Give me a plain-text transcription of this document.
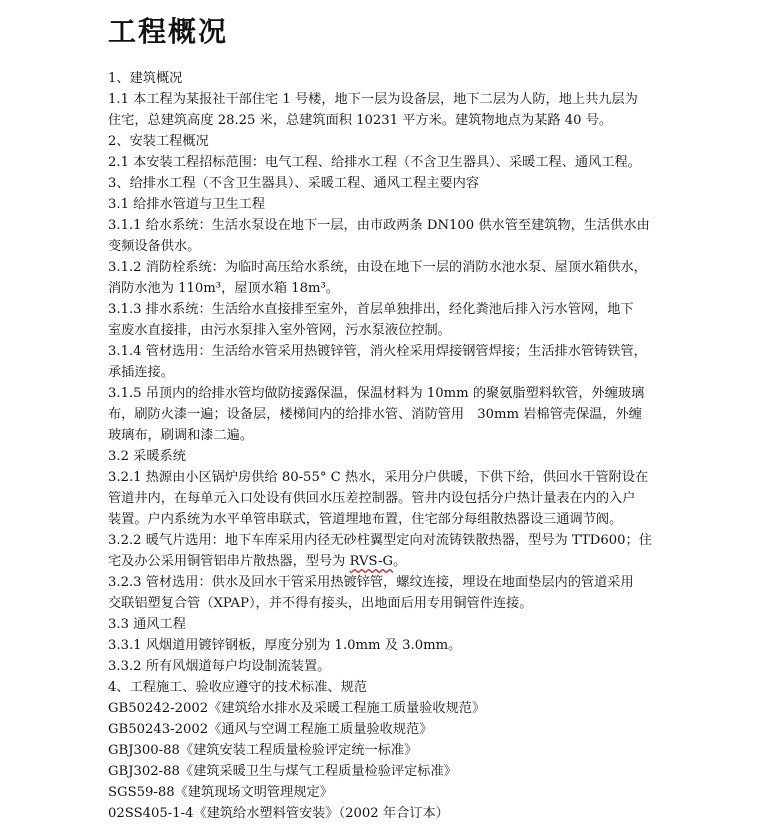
工程概况
1、建筑概况
1.1 本工程为某报社干部住宅 1 号楼，地下一层为设备层，地下二层为人防，地上共九层为
住宅，总建筑高度 28.25 米，总建筑面积 10231 平方米。建筑物地点为某路 40 号。
2、安装工程概况
2.1 本安装工程招标范围：电气工程、给排水工程（不含卫生器具）、采暖工程、通风工程。
3、给排水工程（不含卫生器具）、采暖工程、通风工程主要内容
3.1 给排水管道与卫生工程
3.1.1 给水系统：生活水泵设在地下一层，由市政两条 DN100 供水管至建筑物，生活供水由
变频设备供水。
3.1.2 消防栓系统：为临时高压给水系统，由设在地下一层的消防水池水泵、屋顶水箱供水，
消防水池为 110m³，屋顶水箱 18m³。
3.1.3 排水系统：生活给水直接排至室外，首层单独排出，经化粪池后排入污水管网，地下
室废水直接排，由污水泵排入室外管网，污水泵液位控制。
3.1.4 管材选用：生活给水管采用热镀锌管，消火栓采用焊接钢管焊接；生活排水管铸铁管，
承插连接。
3.1.5 吊顶内的给排水管均做防接露保温，保温材料为 10mm 的聚氨脂塑料软管，外缠玻璃
布，刷防火漆一遍；设备层，楼梯间内的给排水管、消防管用　30mm 岩棉管壳保温，外缠
玻璃布，刷调和漆二遍。
3.2 采暖系统
3.2.1 热源由小区锅炉房供给 80-55° C 热水，采用分户供暖，下供下给，供回水干管附设在
管道井内，在每单元入口处设有供回水压差控制器。管井内设包括分户热计量表在内的入户
装置。户内系统为水平单管串联式，管道埋地布置，住宅部分每组散热器设三通调节阀。
3.2.2 暖气片选用：地下车库采用内径无砂柱翼型定向对流铸铁散热器，型号为 TTD600；住
宅及办公采用铜管铝串片散热器，型号为 RVS-G。
3.2.3 管材选用：供水及回水干管采用热镀锌管，螺纹连接，埋设在地面垫层内的管道采用
交联铝塑复合管（XPAP），并不得有接头，出地面后用专用铜管件连接。
3.3 通风工程
3.3.1 风烟道用镀锌钢板，厚度分别为 1.0mm 及 3.0mm。
3.3.2 所有风烟道每户均设制流装置。
4、工程施工、验收应遵守的技术标准、规范
GB50242-2002《建筑给水排水及采暖工程施工质量验收规范》
GB50243-2002《通风与空调工程施工质量验收规范》
GBJ300-88《建筑安装工程质量检验评定统一标准》
GBJ302-88《建筑采暖卫生与煤气工程质量检验评定标准》
SGS59-88《建筑现场文明管理规定》
02SS405-1-4《建筑给水塑料管安装》（2002 年合订本）
